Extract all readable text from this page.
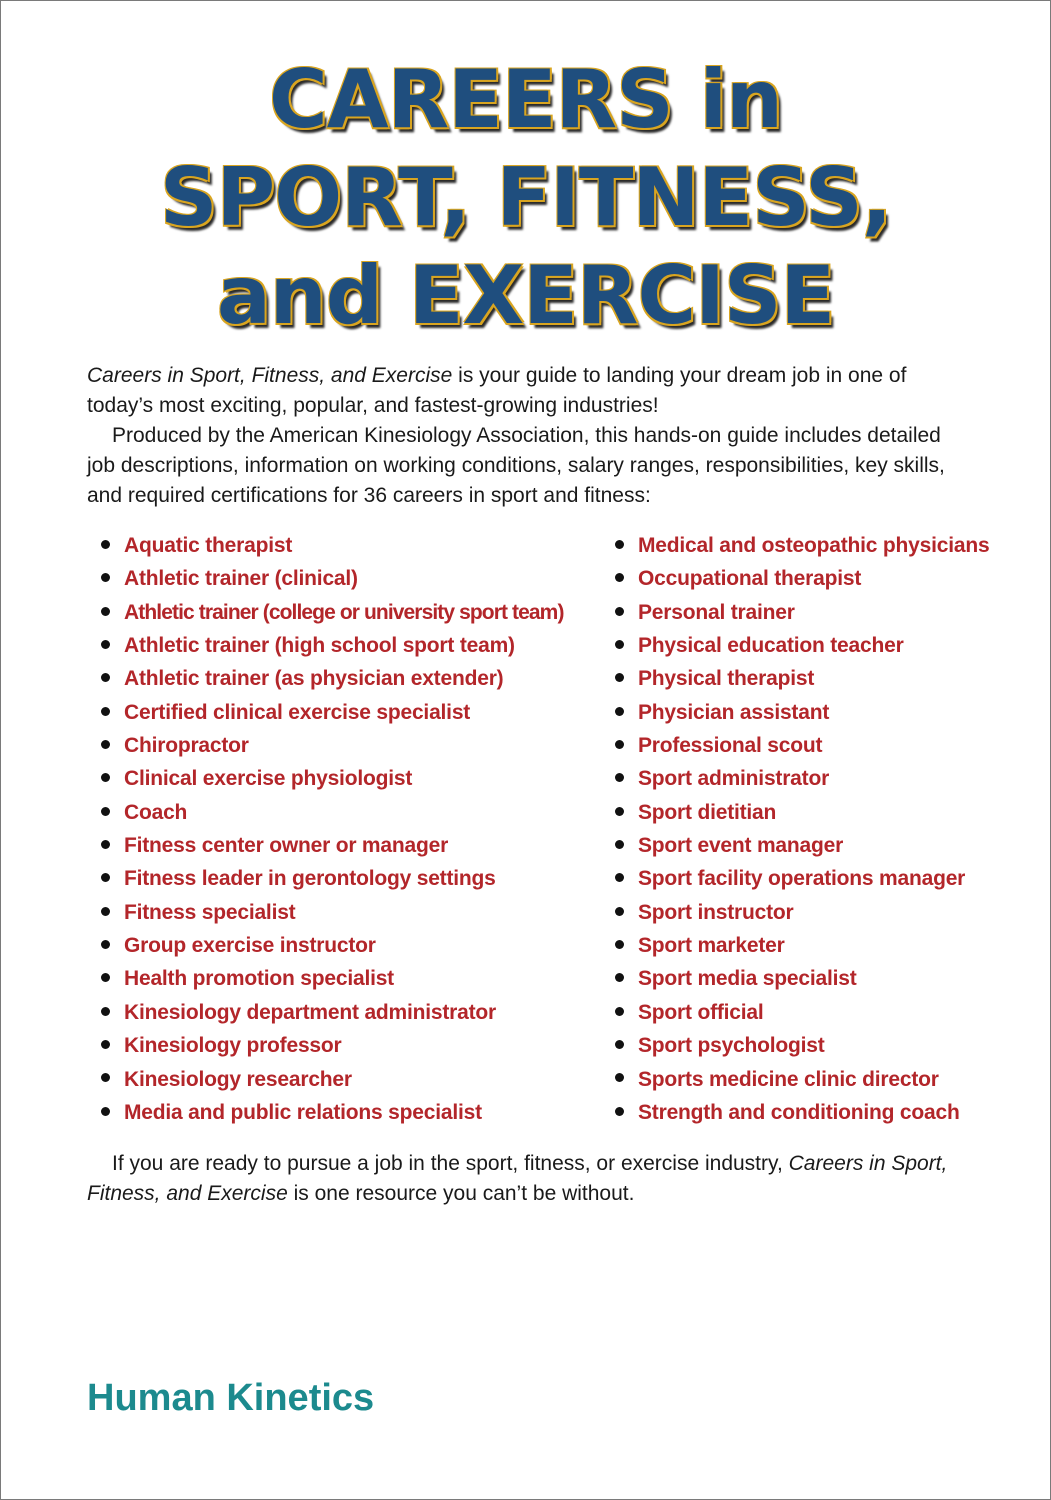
CAREERS in
SPORT, FITNESS,
and EXERCISE

Careers in Sport, Fitness, and Exercise is your guide to landing your dream job in one of today’s most exciting, popular, and fastest-growing industries!

Produced by the American Kinesiology Association, this hands-on guide includes detailed job descriptions, information on working conditions, salary ranges, responsibilities, key skills, and required certifications for 36 careers in sport and fitness:

Aquatic therapist
Athletic trainer (clinical)
Athletic trainer (college or university sport team)
Athletic trainer (high school sport team)
Athletic trainer (as physician extender)
Certified clinical exercise specialist
Chiropractor
Clinical exercise physiologist
Coach
Fitness center owner or manager
Fitness leader in gerontology settings
Fitness specialist
Group exercise instructor
Health promotion specialist
Kinesiology department administrator
Kinesiology professor
Kinesiology researcher
Media and public relations specialist
Medical and osteopathic physicians
Occupational therapist
Personal trainer
Physical education teacher
Physical therapist
Physician assistant
Professional scout
Sport administrator
Sport dietitian
Sport event manager
Sport facility operations manager
Sport instructor
Sport marketer
Sport media specialist
Sport official
Sport psychologist
Sports medicine clinic director
Strength and conditioning coach

If you are ready to pursue a job in the sport, fitness, or exercise industry, Careers in Sport, Fitness, and Exercise is one resource you can’t be without.

Human Kinetics
